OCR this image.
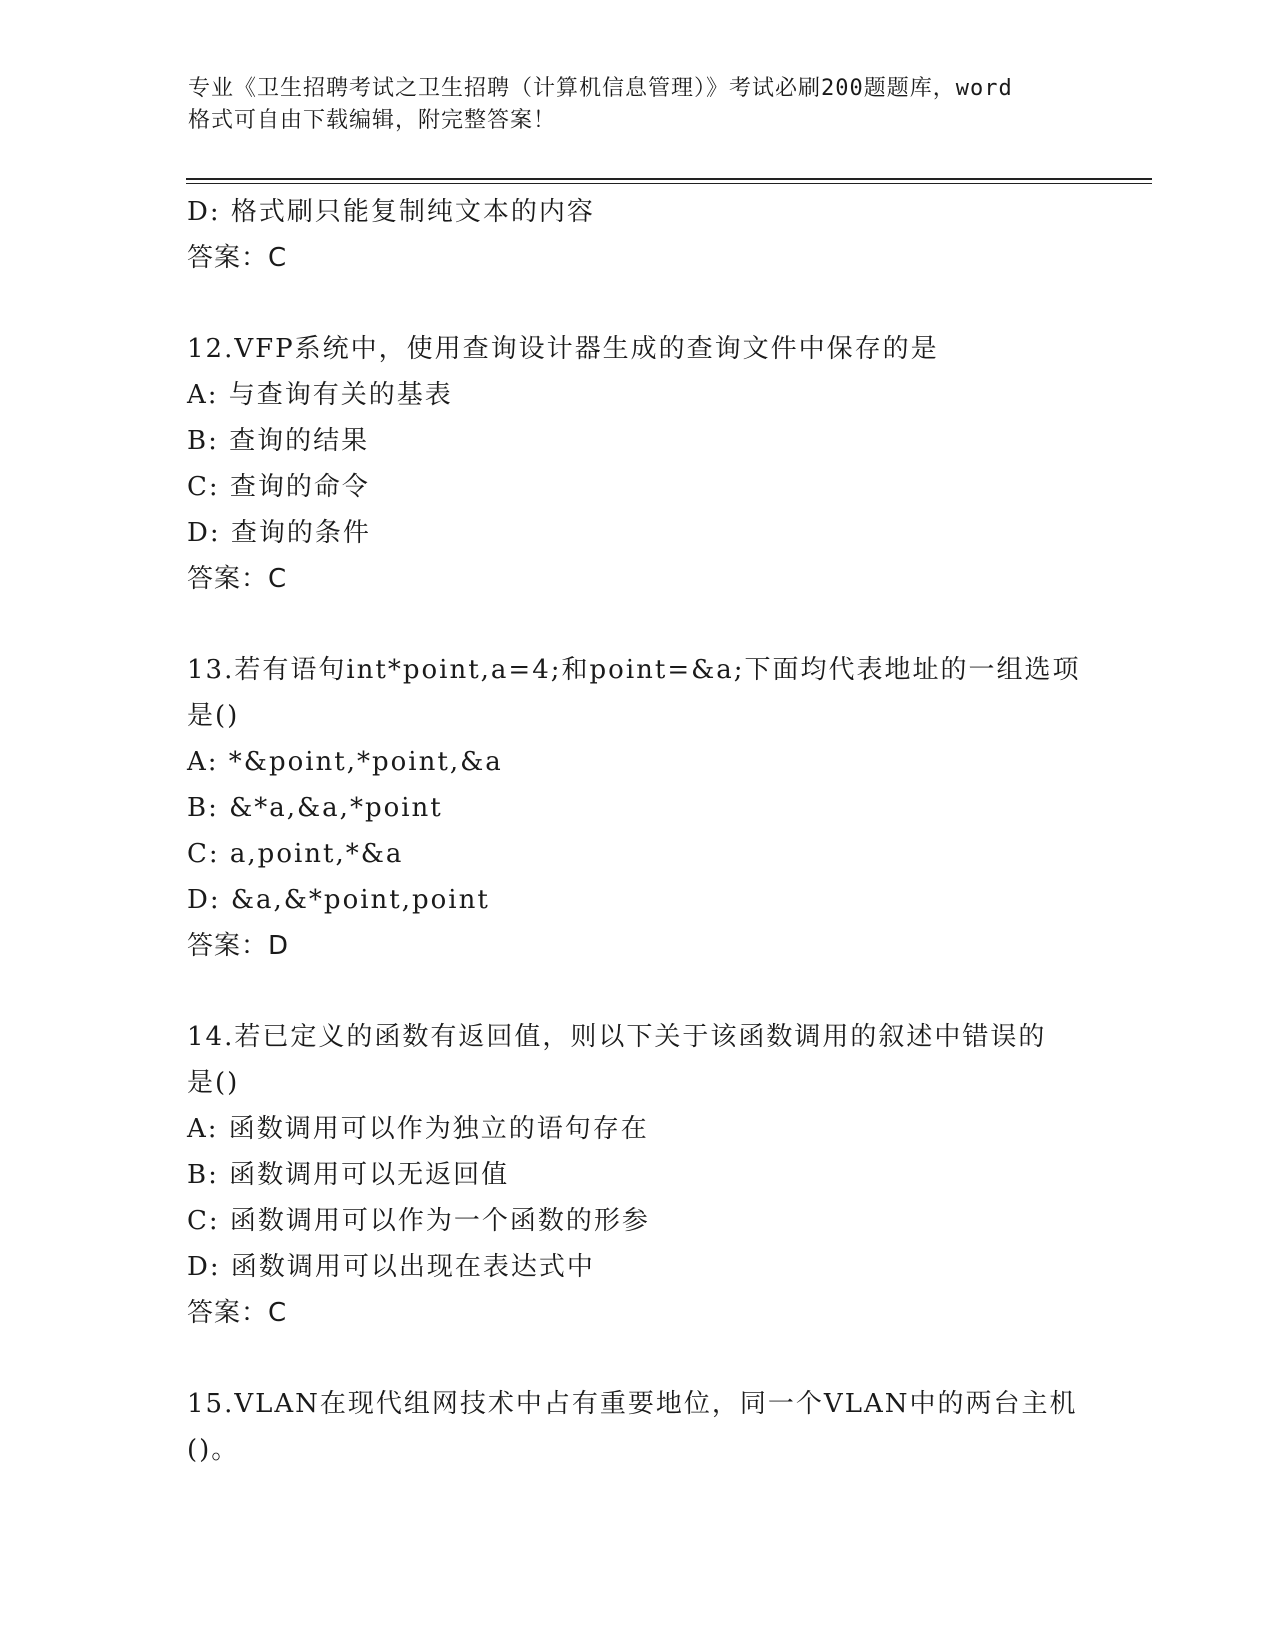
专业《卫生招聘考试之卫生招聘（计算机信息管理）》考试必刷200题题库，word
格式可自由下载编辑，附完整答案！
D: 格式刷只能复制纯文本的内容
答案：C
12.VFP系统中，使用查询设计器生成的查询文件中保存的是
A: 与查询有关的基表
B: 查询的结果
C: 查询的命令
D: 查询的条件
答案：C
13.若有语句int*point,a=4;和point=&a;下面均代表地址的一组选项
是()
A: *&point,*point,&a
B: &*a,&a,*point
C: a,point,*&a
D: &a,&*point,point
答案：D
14.若已定义的函数有返回值，则以下关于该函数调用的叙述中错误的
是()
A: 函数调用可以作为独立的语句存在
B: 函数调用可以无返回值
C: 函数调用可以作为一个函数的形参
D: 函数调用可以出现在表达式中
答案：C
15.VLAN在现代组网技术中占有重要地位，同一个VLAN中的两台主机
()。
